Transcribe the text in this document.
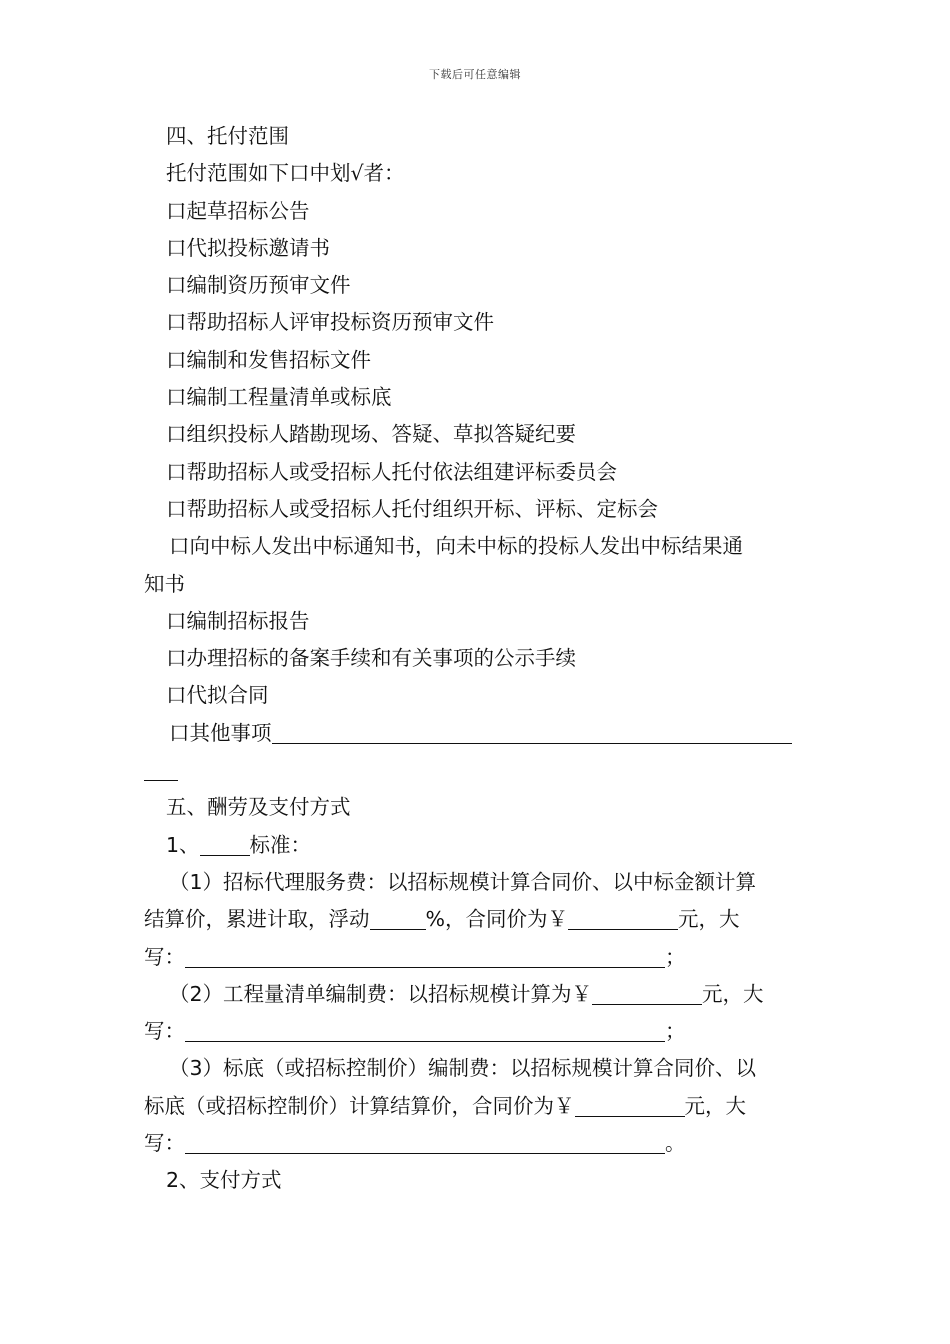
下载后可任意编辑

四、托付范围

托付范围如下口中划√者：

口起草招标公告

口代拟投标邀请书

口编制资历预审文件

口帮助招标人评审投标资历预审文件

口编制和发售招标文件

口编制工程量清单或标底

口组织投标人踏勘现场、答疑、草拟答疑纪要

口帮助招标人或受招标人托付依法组建评标委员会

口帮助招标人或受招标人托付组织开标、评标、定标会

口向中标人发出中标通知书，向未中标的投标人发出中标结果通

知书

口编制招标报告

口办理招标的备案手续和有关事项的公示手续

口代拟合同

口其他事项

五、酬劳及支付方式

1、 标准：

（1）招标代理服务费：以招标规模计算合同价、以中标金额计算

结算价，累进计取，浮动	%，合同价为￥	元，大

写：	；

（2）工程量清单编制费：以招标规模计算为￥	元，大

写：	；

（3）标底（或招标控制价）编制费：以招标规模计算合同价、以

标底（或招标控制价）计算结算价，合同价为￥	元，大

写：	。

2、支付方式
